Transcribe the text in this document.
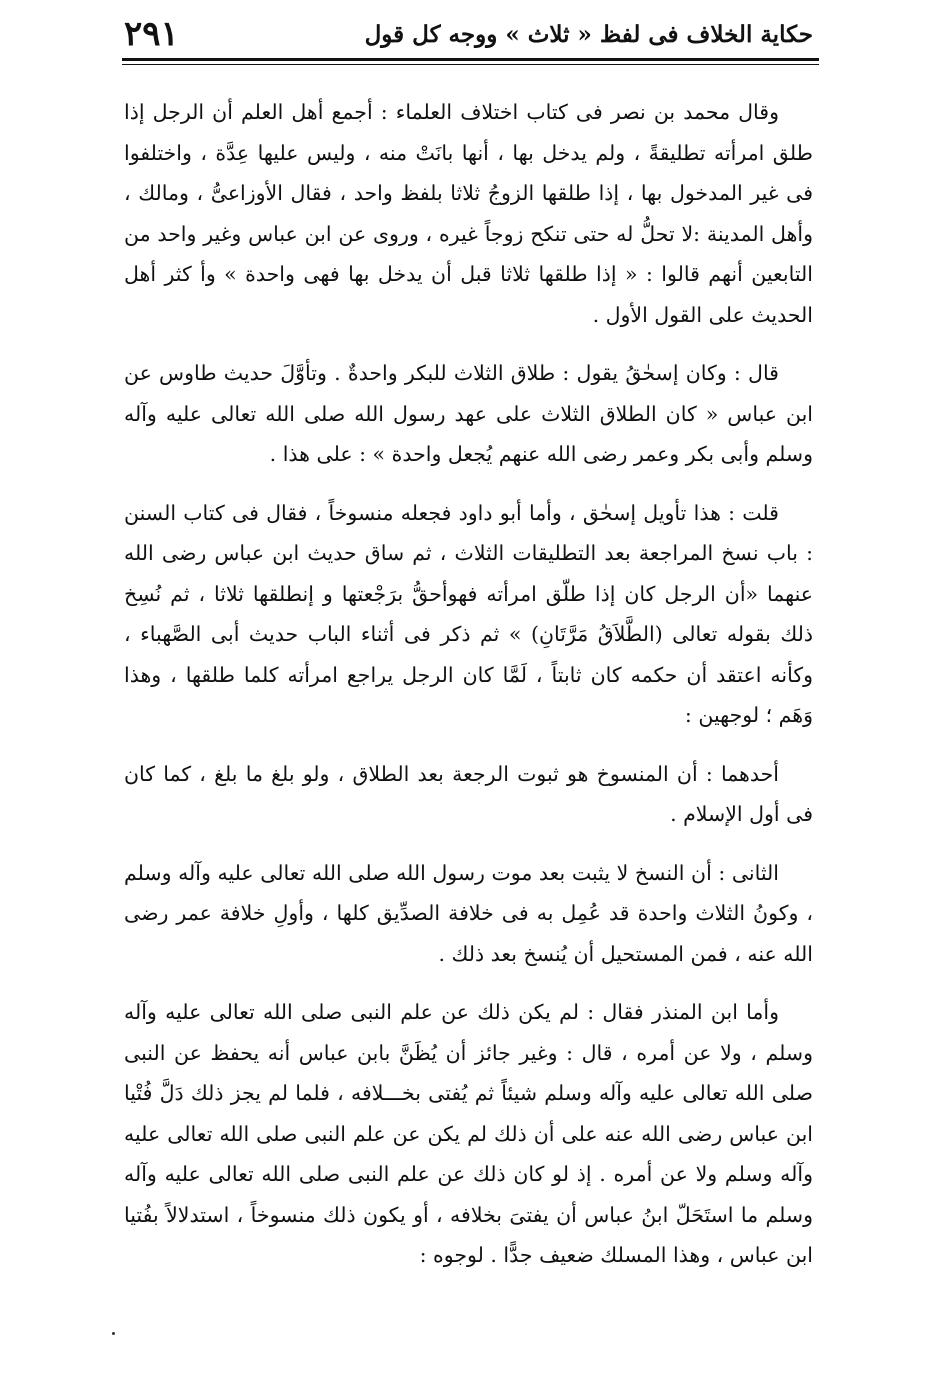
حكاية الخلاف فى لفظ « ثلاث » ووجه كل قول
٢٩١

وقال محمد بن نصر فى كتاب اختلاف العلماء : أجمع أهل العلم أن الرجل إذا طلق امرأته تطليقةً ، ولم يدخل بها ، أنها بانَتْ منه ، وليس عليها عِدَّة ، واختلفوا فى غير المدخول بها ، إذا طلقها الزوجُ ثلاثا بلفظ واحد ، فقال الأوزاعىُّ ، ومالك ، وأهل المدينة :لا تحلُّ له حتى تنكح زوجاً غيره ، وروى عن ابن عباس وغير واحد من التابعين أنهم قالوا : « إذا طلقها ثلاثا قبل أن يدخل بها فهى واحدة » وأ كثر أهل الحديث على القول الأول .

قال : وكان إسحٰقُ يقول : طلاق الثلاث للبكر واحدةٌ . وتأوَّلَ حديث طاوس عن ابن عباس « كان الطلاق الثلاث على عهد رسول الله صلى الله تعالى عليه وآله وسلم وأبى بكر وعمر رضى الله عنهم يُجعل واحدة » : على هذا .

قلت : هذا تأويل إسحٰق ، وأما أبو داود فجعله منسوخاً ، فقال فى كتاب السنن : باب نسخ المراجعة بعد التطليقات الثلاث ، ثم ساق حديث ابن عباس رضى الله عنهما «أن الرجل كان إذا طلّق امرأته فهوأحقُّ برَجْعتها و إنطلقها ثلاثا ، ثم نُسِخ ذلك بقوله تعالى (الطَّلاَقُ مَرَّتَانِ) » ثم ذكر فى أثناء الباب حديث أبى الصَّهباء ، وكأنه اعتقد أن حكمه كان ثابتاً ، لَمَّا كان الرجل يراجع امرأته كلما طلقها ، وهذا وَهَم ؛ لوجهين :

أحدهما : أن المنسوخ هو ثبوت الرجعة بعد الطلاق ، ولو بلغ ما بلغ ، كما كان فى أول الإسلام .

الثانى : أن النسخ لا يثبت بعد موت رسول الله صلى الله تعالى عليه وآله وسلم ، وكونُ الثلاث واحدة قد عُمِل به فى خلافة الصدِّيق كلها ، وأولِ خلافة عمر رضى الله عنه ، فمن المستحيل أن يُنسخ بعد ذلك .

وأما ابن المنذر فقال : لم يكن ذلك عن علم النبى صلى الله تعالى عليه وآله وسلم ، ولا عن أمره ، قال : وغير جائز أن يُظَنَّ بابن عباس أنه يحفظ عن النبى صلى الله تعالى عليه وآله وسلم شيئاً ثم يُفتى بخـــلافه ، فلما لم يجز ذلك دَلَّ فُتْيا ابن عباس رضى الله عنه على أن ذلك لم يكن عن علم النبى صلى الله تعالى عليه وآله وسلم ولا عن أمره . إذ لو كان ذلك عن علم النبى صلى الله تعالى عليه وآله وسلم ما استَحَلّ ابنُ عباس أن يفتىَ بخلافه ، أو يكون ذلك منسوخاً ، استدلالاً بفُتيا ابن عباس ، وهذا المسلك ضعيف جدًّا . لوجوه :
